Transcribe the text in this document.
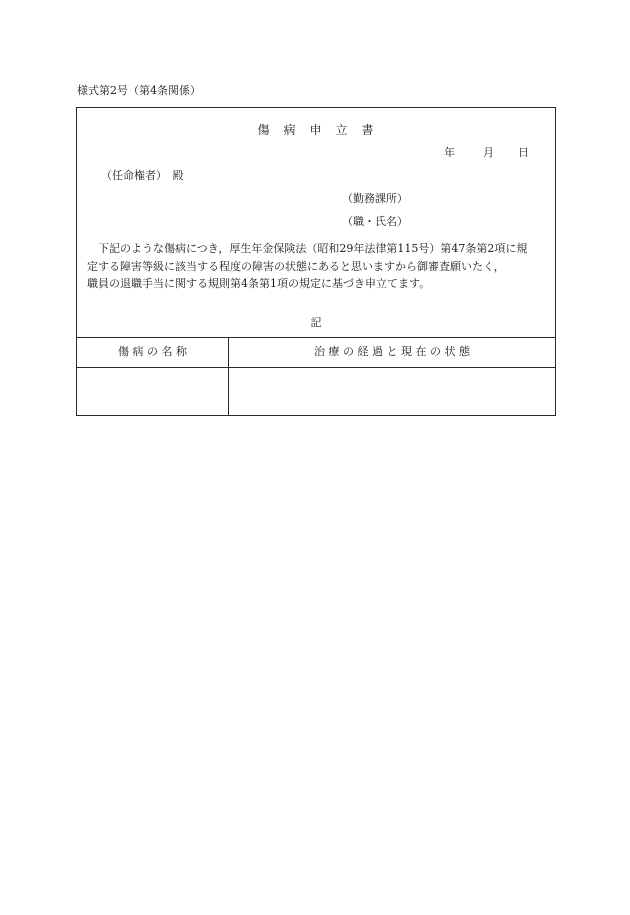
様式第2号（第4条関係）
傷　病　申　立　書
年	月 日
（任命権者）　殿
（勤務課所）
（職・氏名）
　下記のような傷病につき，厚生年金保険法（昭和29年法律第115号）第47条第2項に規
定する障害等級に該当する程度の障害の状態にあると思いますから御審査願いたく，
職員の退職手当に関する規則第4条第1項の規定に基づき申立てます。
記
傷 病 の 名 称	治 療 の 経 過 と 現 在 の 状 態
